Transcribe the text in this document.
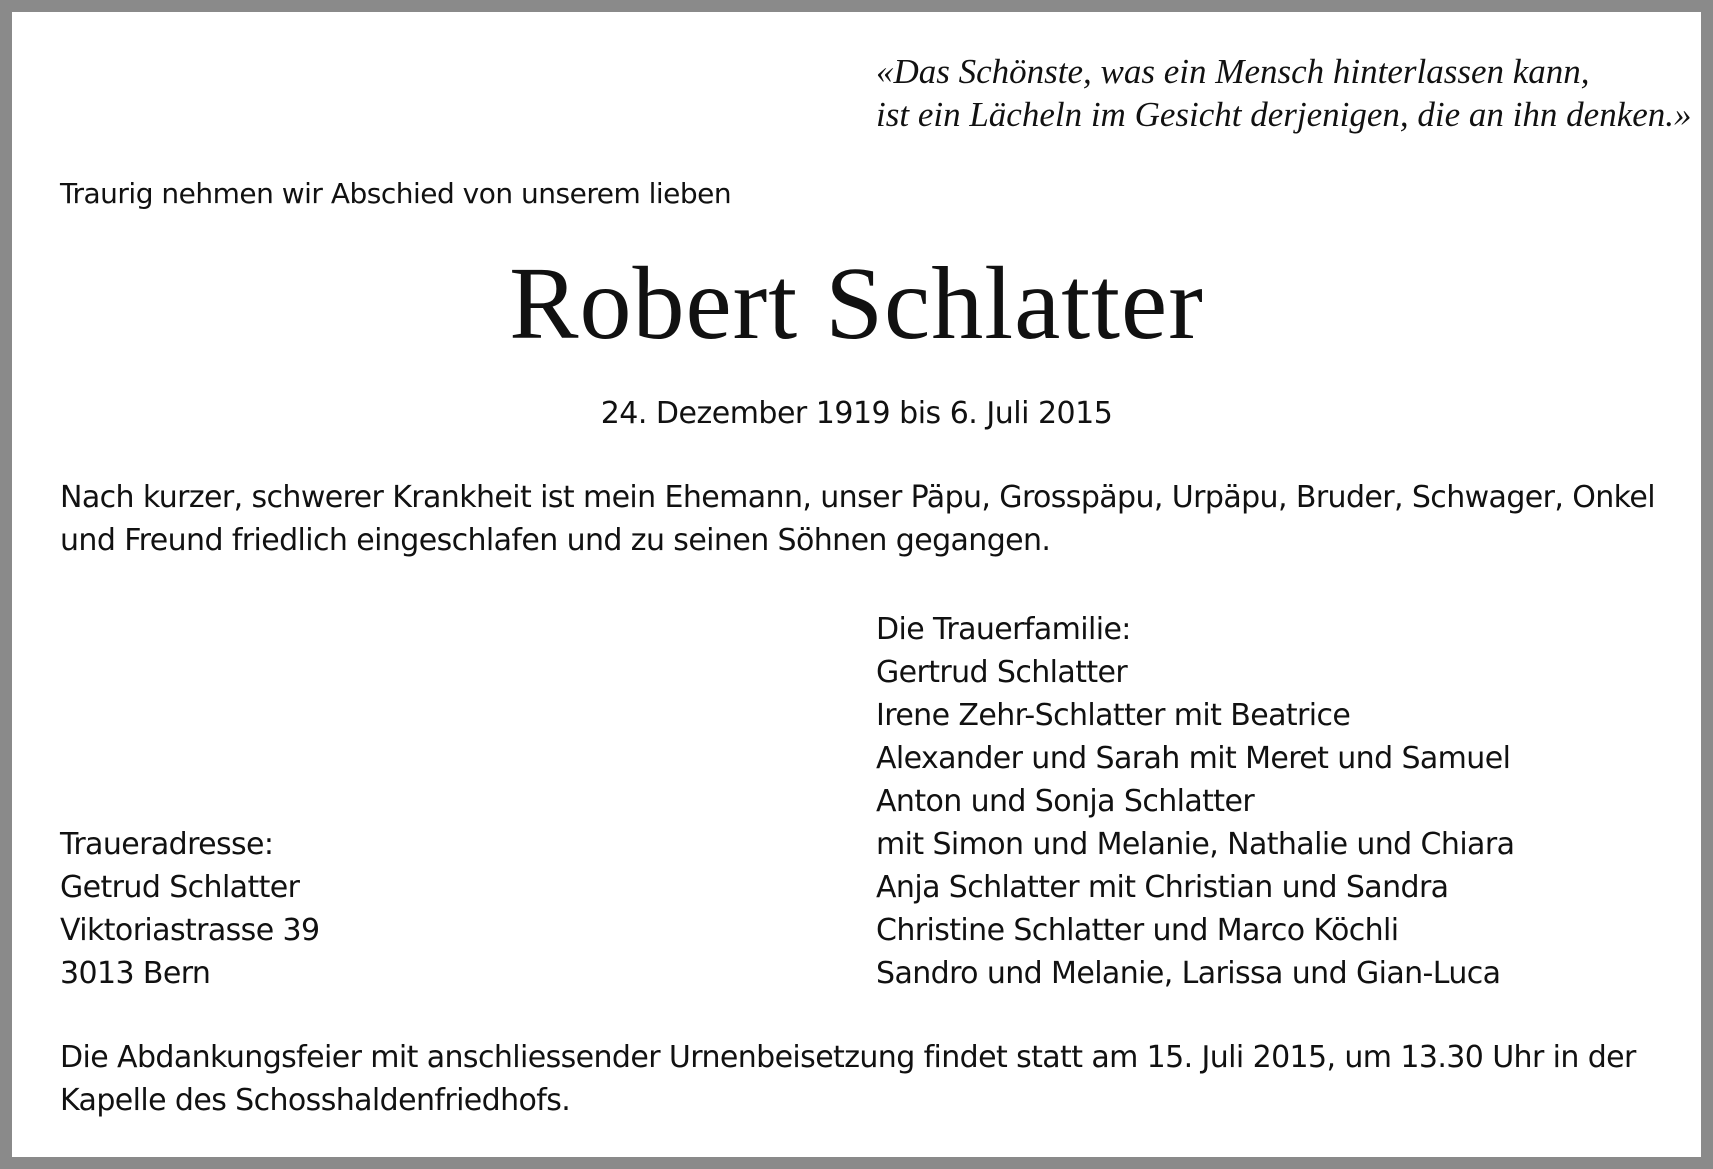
«Das Schönste, was ein Mensch hinterlassen kann,
ist ein Lächeln im Gesicht derjenigen, die an ihn denken.»
Traurig nehmen wir Abschied von unserem lieben
Robert Schlatter
24. Dezember 1919 bis 6. Juli 2015
Nach kurzer, schwerer Krankheit ist mein Ehemann, unser Päpu, Grosspäpu, Urpäpu, Bruder, Schwager, Onkel
und Freund friedlich eingeschlafen und zu seinen Söhnen gegangen.
Die Trauerfamilie:
Gertrud Schlatter
Irene Zehr-Schlatter mit Beatrice
Alexander und Sarah mit Meret und Samuel
Anton und Sonja Schlatter
mit Simon und Melanie, Nathalie und Chiara
Anja Schlatter mit Christian und Sandra
Christine Schlatter und Marco Köchli
Sandro und Melanie, Larissa und Gian-Luca
Traueradresse:
Getrud Schlatter
Viktoriastrasse 39
3013 Bern
Die Abdankungsfeier mit anschliessender Urnenbeisetzung findet statt am 15. Juli 2015, um 13.30 Uhr in der
Kapelle des Schosshaldenfriedhofs.
